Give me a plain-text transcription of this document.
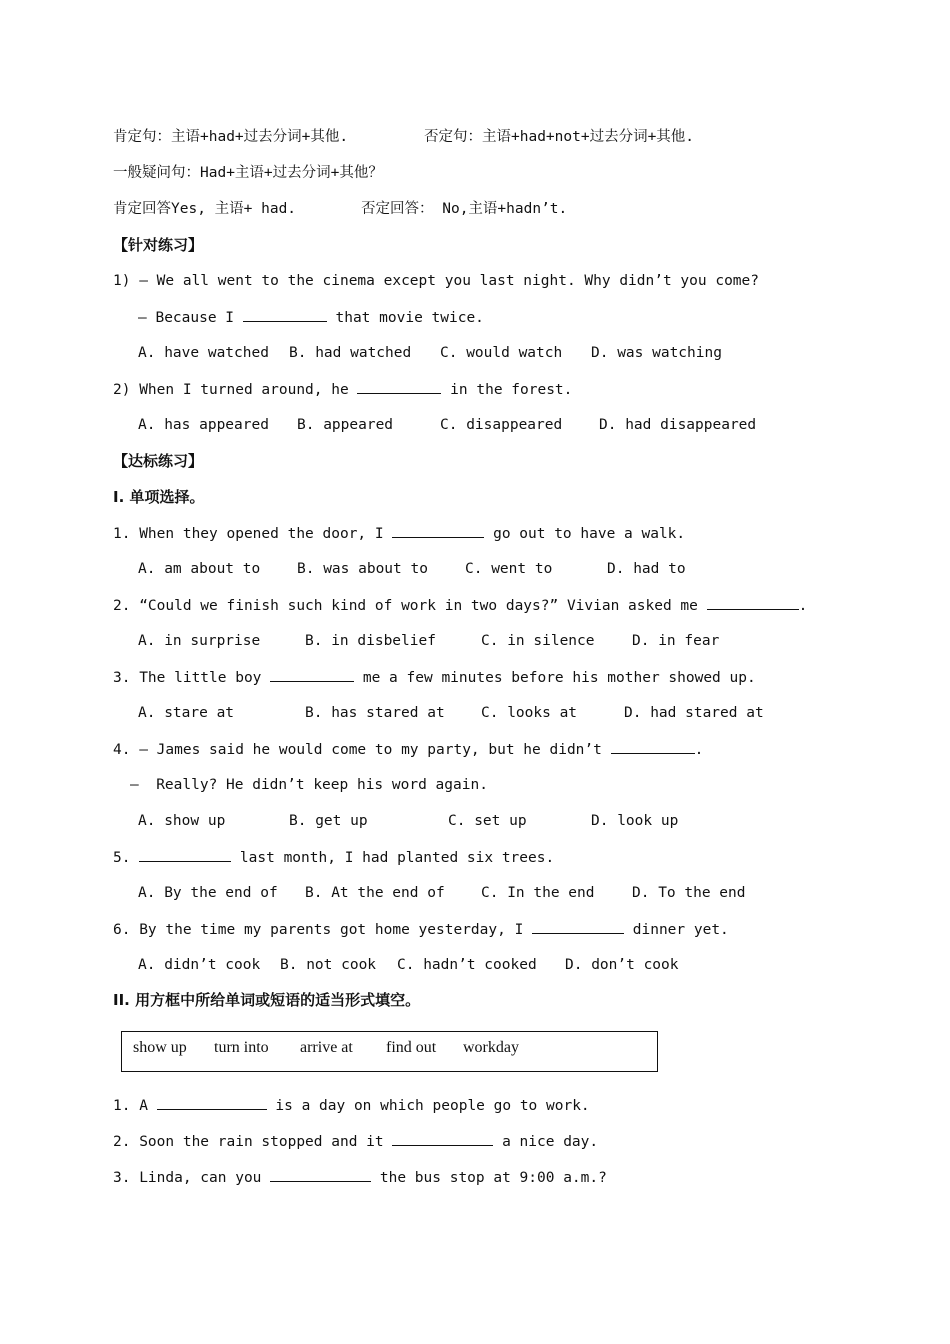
肯定句：主语+had+过去分词+其他.	否定句：主语+had+not+过去分词+其他.
一般疑问句：Had+主语+过去分词+其他？
肯定回答Yes, 主语+ had.	否定回答： No,主语+hadn’t.
【针对练习】
1) — We all went to the cinema except you last night. Why didn’t you come?
— Because I	that movie twice.
A. have watched B. had watched C. would watch D. was watching
2) When I turned around, he	in the forest.
A. has appeared B. appeared	C. disappeared	D. had disappeared
【达标练习】
I. 单项选择。
1. When they opened the door, I	go out to have a walk.
A. am about to	B. was about to	C. went to	D. had to
2. “Could we finish such kind of work in two days?” Vivian asked me	.
A. in surprise	B. in disbelief	C. in silence	D. in fear
3. The little boy	me a few minutes before his mother showed up.
A. stare at	B. has stared at	C. looks at	D. had stared at
4. — James said he would come to my party, but he didn’t	.
—  Really? He didn’t keep his word again.
A. show up	B. get up	C. set up	D. look up
5.	last month, I had planted six trees.
A. By the end of B. At the end of	C. In the end	D. To the end
6. By the time my parents got home yesterday, I	dinner yet.
A. didn’t cook B. not cook C. hadn’t cooked D. don’t cook
II. 用方框中所给单词或短语的适当形式填空。
show up turn into arrive at find out workday
1. A	is a day on which people go to work.
2. Soon the rain stopped and it	a nice day.
3. Linda, can you	the bus stop at 9:00 a.m.?
